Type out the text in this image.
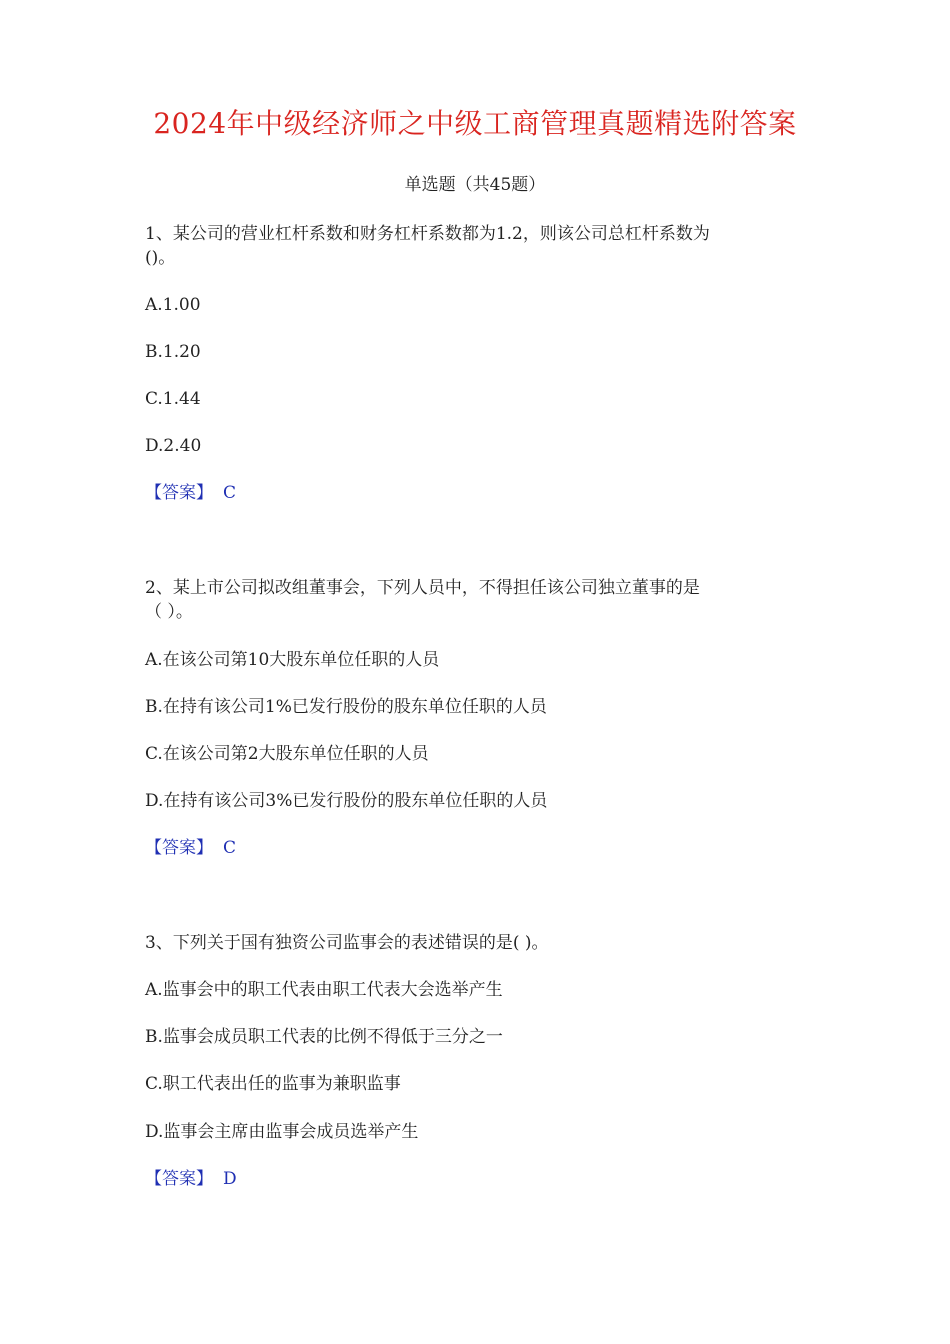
2024年中级经济师之中级工商管理真题精选附答案
单选题（共45题）
1、某公司的营业杠杆系数和财务杠杆系数都为1.2，则该公司总杠杆系数为
()。
A.1.00
B.1.20
C.1.44
D.2.40
【答案】 C
2、某上市公司拟改组董事会，下列人员中，不得担任该公司独立董事的是
（ ）。
A.在该公司第10大股东单位任职的人员
B.在持有该公司1%已发行股份的股东单位任职的人员
C.在该公司第2大股东单位任职的人员
D.在持有该公司3%已发行股份的股东单位任职的人员
【答案】 C
3、下列关于国有独资公司监事会的表述错误的是( )。
A.监事会中的职工代表由职工代表大会选举产生
B.监事会成员职工代表的比例不得低于三分之一
C.职工代表出任的监事为兼职监事
D.监事会主席由监事会成员选举产生
【答案】 D
